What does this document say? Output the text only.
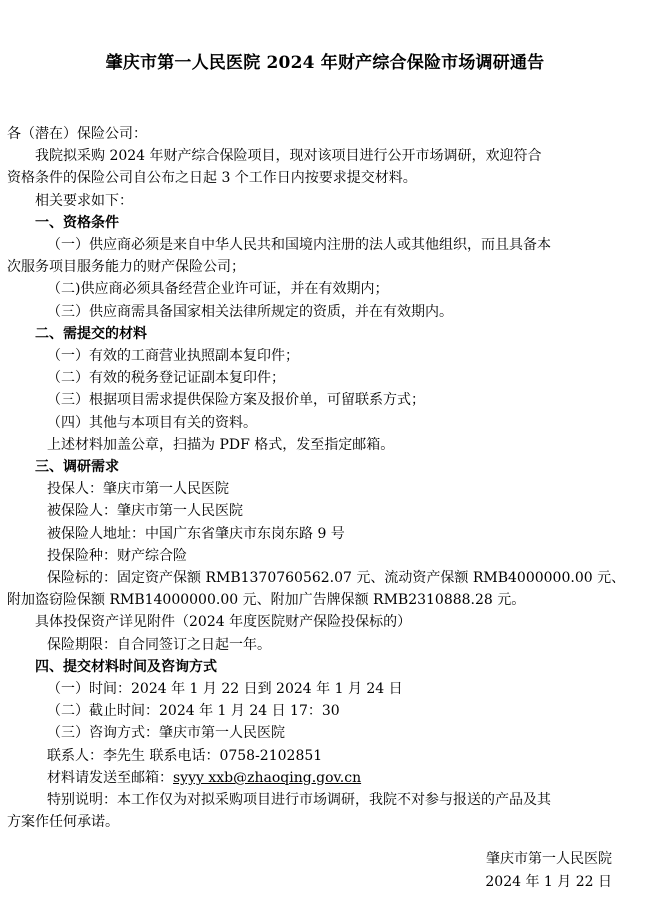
肇庆市第一人民医院 2024 年财产综合保险市场调研通告
各（潜在）保险公司：
我院拟采购 2024 年财产综合保险项目，现对该项目进行公开市场调研，欢迎符合
资格条件的保险公司自公布之日起 3 个工作日内按要求提交材料。
相关要求如下：
一、资格条件
（一）供应商必须是来自中华人民共和国境内注册的法人或其他组织，而且具备本
次服务项目服务能力的财产保险公司；
（二)供应商必须具备经营企业许可证，并在有效期内；
（三）供应商需具备国家相关法律所规定的资质，并在有效期内。
二、需提交的材料
（一）有效的工商营业执照副本复印件；
（二）有效的税务登记证副本复印件；
（三）根据项目需求提供保险方案及报价单，可留联系方式；
（四）其他与本项目有关的资料。
上述材料加盖公章，扫描为 PDF 格式，发至指定邮箱。
三、调研需求
投保人：肇庆市第一人民医院
被保险人：肇庆市第一人民医院
被保险人地址：中国广东省肇庆市东岗东路 9 号
投保险种：财产综合险
保险标的：固定资产保额 RMB1370760562.07 元、流动资产保额 RMB4000000.00 元、
附加盗窃险保额 RMB14000000.00 元、附加广告牌保额 RMB2310888.28 元。
具体投保资产详见附件（2024 年度医院财产保险投保标的）
保险期限：自合同签订之日起一年。
四、提交材料时间及咨询方式
（一）时间：2024 年 1 月 22 日到 2024 年 1 月 24 日
（二）截止时间：2024 年 1 月 24 日 17：30
（三）咨询方式：肇庆市第一人民医院
联系人：李先生 联系电话：0758-2102851
材料请发送至邮箱：syyy xxb@zhaoqing.gov.cn
特别说明：本工作仅为对拟采购项目进行市场调研，我院不对参与报送的产品及其
方案作任何承诺。
肇庆市第一人民医院
2024 年 1 月 22 日
